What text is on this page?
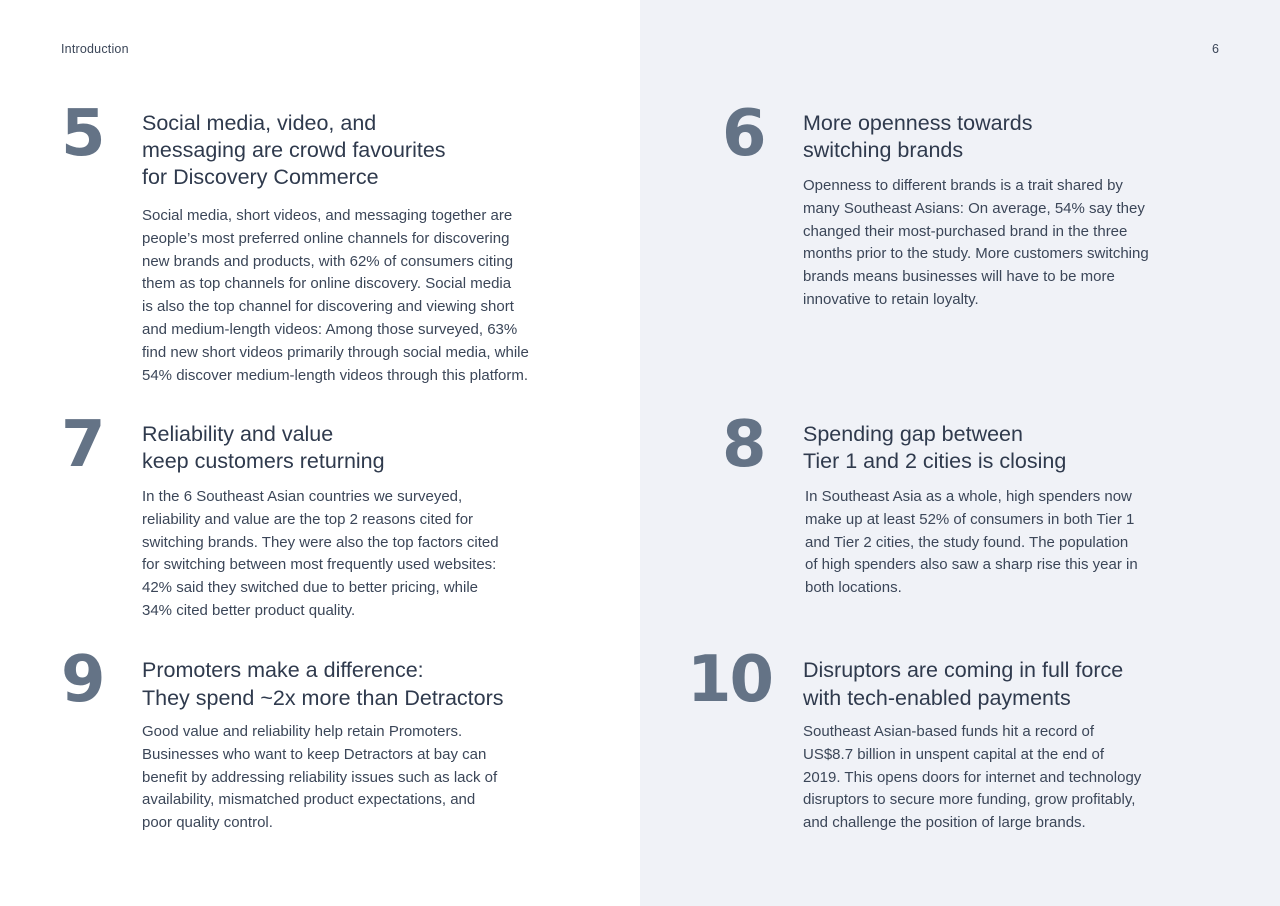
Introduction	6
5 Social media, video, and
messaging are crowd favourites
for Discovery Commerce

Social media, short videos, and messaging together are
people’s most preferred online channels for discovering
new brands and products, with 62% of consumers citing
them as top channels for online discovery. Social media
is also the top channel for discovering and viewing short
and medium-length videos: Among those surveyed, 63%
find new short videos primarily through social media, while
54% discover medium-length videos through this platform.

6 More openness towards
switching brands

Openness to different brands is a trait shared by
many Southeast Asians: On average, 54% say they
changed their most-purchased brand in the three
months prior to the study. More customers switching
brands means businesses will have to be more
innovative to retain loyalty.

7 Reliability and value
keep customers returning

In the 6 Southeast Asian countries we surveyed,
reliability and value are the top 2 reasons cited for
switching brands. They were also the top factors cited
for switching between most frequently used websites:
42% said they switched due to better pricing, while
34% cited better product quality.

8 Spending gap between
Tier 1 and 2 cities is closing

In Southeast Asia as a whole, high spenders now
make up at least 52% of consumers in both Tier 1
and Tier 2 cities, the study found. The population
of high spenders also saw a sharp rise this year in
both locations.

9 Promoters make a difference:
They spend ~2x more than Detractors

Good value and reliability help retain Promoters.
Businesses who want to keep Detractors at bay can
benefit by addressing reliability issues such as lack of
availability, mismatched product expectations, and
poor quality control.

10 Disruptors are coming in full force
with tech-enabled payments

Southeast Asian-based funds hit a record of
US$8.7 billion in unspent capital at the end of
2019. This opens doors for internet and technology
disruptors to secure more funding, grow profitably,
and challenge the position of large brands.
